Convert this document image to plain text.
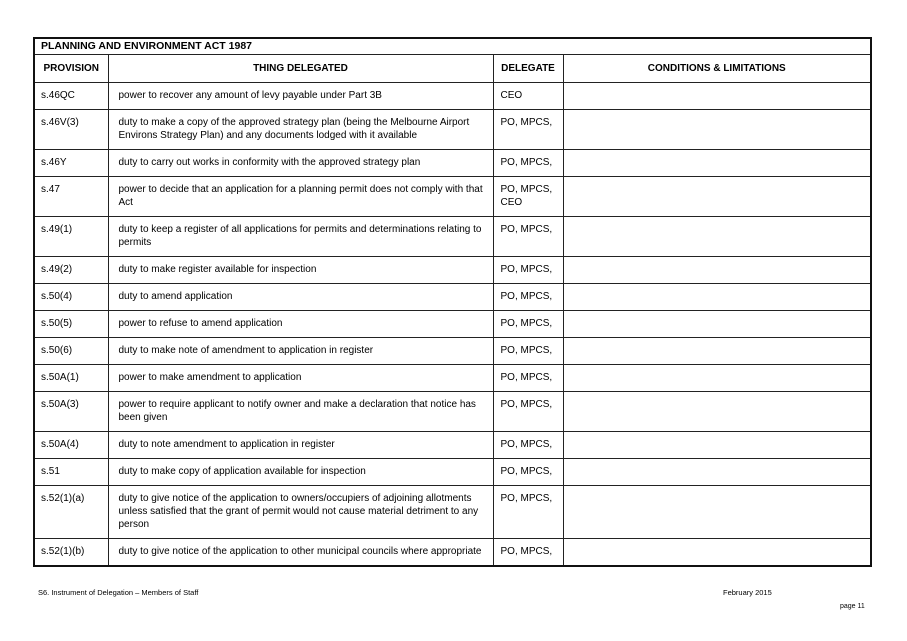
PLANNING AND ENVIRONMENT ACT 1987			
PROVISION	THING DELEGATED	DELEGATE	CONDITIONS & LIMITATIONS
s.46QC	power to recover any amount of levy payable under Part 3B	CEO	
s.46V(3)	duty to make a copy of the approved strategy plan (being the Melbourne Airport Environs Strategy Plan) and any documents lodged with it available	PO, MPCS,	
s.46Y	duty to carry out works in conformity with the approved strategy plan	PO, MPCS,	
s.47	power to decide that an application for a planning permit does not comply with that Act	PO, MPCS, CEO	
s.49(1)	duty to keep a register of all applications for permits and determinations relating to permits	PO, MPCS,	
s.49(2)	duty to make register available for inspection	PO, MPCS,	
s.50(4)	duty to amend application	PO, MPCS,	
s.50(5)	power to refuse to amend application	PO, MPCS,	
s.50(6)	duty to make note of amendment to application in register	PO, MPCS,	
s.50A(1)	power to make amendment to application	PO, MPCS,	
s.50A(3)	power to require applicant to notify owner and make a declaration that notice has been given	PO, MPCS,	
s.50A(4)	duty to note amendment to application in register	PO, MPCS,	
s.51	duty to make copy of application available for inspection	PO, MPCS,	
s.52(1)(a)	duty to give notice of the application to owners/occupiers of adjoining allotments unless satisfied that the grant of permit would not cause material detriment to any person	PO, MPCS,	
s.52(1)(b)	duty to give notice of the application to other municipal councils where appropriate	PO, MPCS,	
S6. Instrument of Delegation – Members of Staff	February 2015
page 11
